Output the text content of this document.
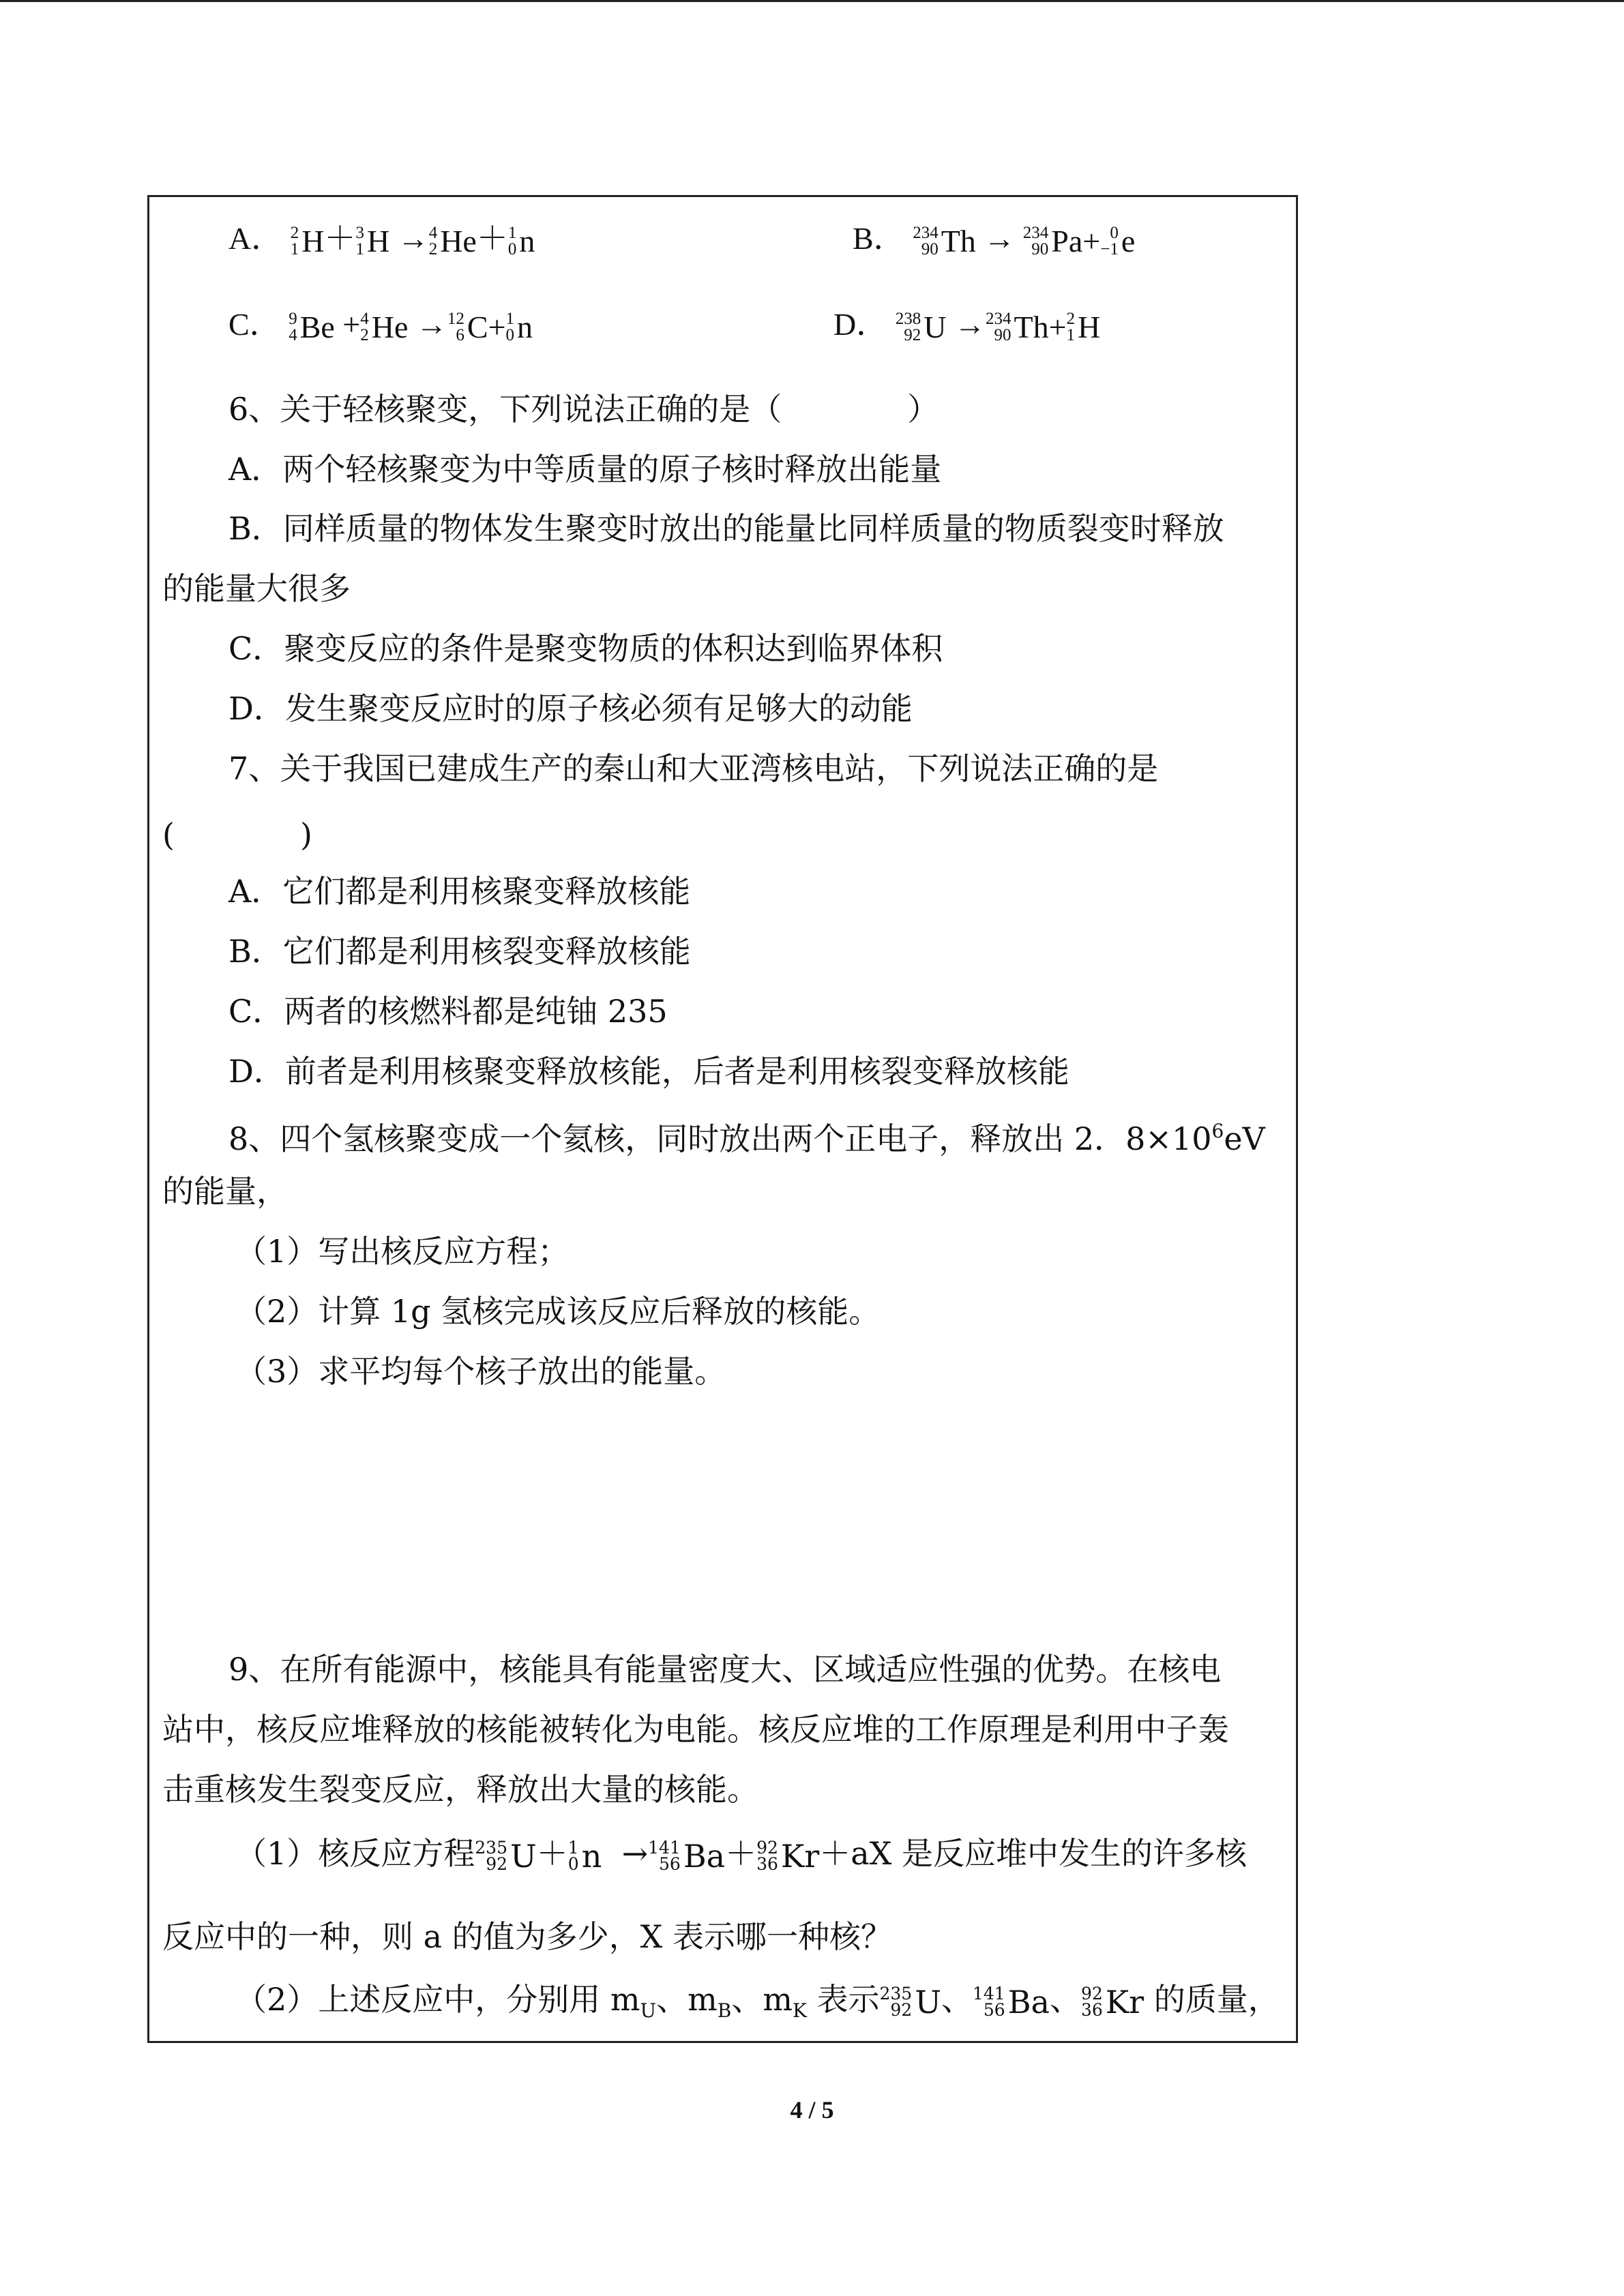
A． 2
1 H ＋ 3
1 H → 4
2 He ＋ 1
0 n	B． 234
90 Th → 234
90 Pa+ 0
−1 e
C． 9
4 Be + 4
2 He → 12
6 C+ 1
0 n	D． 238
92 U → 234
90 Th+ 2
1 H
6、关于轻核聚变，下列说法正确的是（　　　　）
A．两个轻核聚变为中等质量的原子核时释放出能量
B．同样质量的物体发生聚变时放出的能量比同样质量的物质裂变时释放
的能量大很多
C．聚变反应的条件是聚变物质的体积达到临界体积
D．发生聚变反应时的原子核必须有足够大的动能
7、关于我国已建成生产的秦山和大亚湾核电站，下列说法正确的是
(　　　　)
A．它们都是利用核聚变释放核能
B．它们都是利用核裂变释放核能
C．两者的核燃料都是纯铀 235
D．前者是利用核聚变释放核能，后者是利用核裂变释放核能
8、四个氢核聚变成一个氦核，同时放出两个正电子，释放出 2．$8\times 10^6eV$
的能量，
（1）写出核反应方程；
（2）计算 1g 氢核完成该反应后释放的核能。
（3）求平均每个核子放出的能量。
9、在所有能源中，核能具有能量密度大、区域适应性强的优势。在核电
站中，核反应堆释放的核能被转化为电能。核反应堆的工作原理是利用中子轰
击重核发生裂变反应，释放出大量的核能。
（1）核反应方程 235
92 U ＋ 1
0 n → 141
56 Ba ＋ 92
36 Kr ＋aX 是反应堆中发生的许多核
反应中的一种，则 a 的值为多少，X 表示哪一种核？
（2）上述反应中，分别用 $m_U$、$m_B$、$m_K$ 表示 235
92 U 、 141
56 Ba 、 92
36 Kr 的质量，
4 / 5
